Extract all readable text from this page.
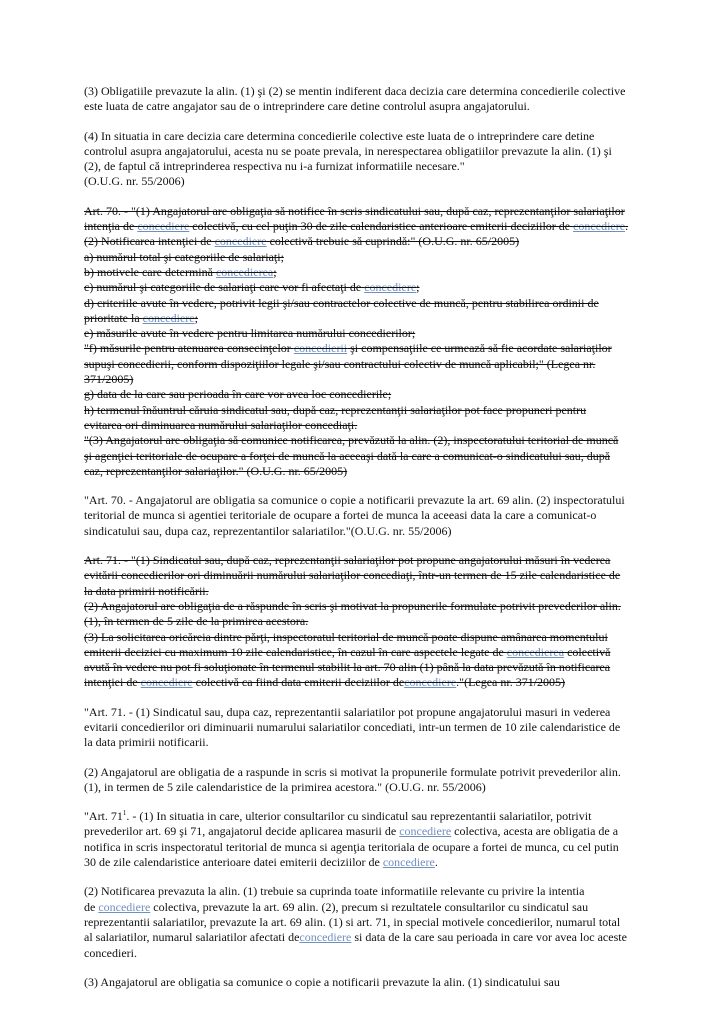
(3) Obligatiile prevazute la alin. (1) şi (2) se mentin indiferent daca decizia care determina concedierile colective
este luata de catre angajator sau de o intreprindere care detine controlul asupra angajatorului.
(4) In situatia in care decizia care determina concedierile colective este luata de o intreprindere care detine
controlul asupra angajatorului, acesta nu se poate prevala, in nerespectarea obligatiilor prevazute la alin. (1) şi
(2), de faptul că intreprinderea respectiva nu i-a furnizat informatiile necesare."
(O.U.G. nr. 55/2006)
Art. 70. - "(1) Angajatorul are obligaţia să notifice în scris sindicatului sau, după caz, reprezentanţilor salariaţilor
intenţia de concediere colectivă, cu cel puţin 30 de zile calendaristice anterioare emiterii deciziilor de concediere.
(2) Notificarea intenţiei de concediere colectivă trebuie să cuprindă:" (O.U.G. nr. 65/2005)
a) numărul total şi categoriile de salariaţi;
b) motivele care determină concedierea;
c) numărul şi categoriile de salariaţi care vor fi afectaţi de concediere;
d) criteriile avute în vedere, potrivit legii şi/sau contractelor colective de muncă, pentru stabilirea ordinii de
prioritate la concediere;
e) măsurile avute în vedere pentru limitarea numărului concedierilor;
"f) măsurile pentru atenuarea consecinţelor concedierii şi compensaţiile ce urmează să fie acordate salariaţilor
supuşi concedierii, conform dispoziţiilor legale şi/sau contractului colectiv de muncă aplicabil;" (Legea nr.
371/2005)
g) data de la care sau perioada în care vor avea loc concedierile;
h) termenul înăuntrul căruia sindicatul sau, după caz, reprezentanţii salariaţilor pot face propuneri pentru
evitarea ori diminuarea numărului salariaţilor concediaţi.
"(3) Angajatorul are obligaţia să comunice notificarea, prevăzută la alin. (2), inspectoratului teritorial de muncă
şi agenţiei teritoriale de ocupare a forţei de muncă la aceeaşi dată la care a comunicat-o sindicatului sau, după
caz, reprezentanţilor salariaţilor." (O.U.G. nr. 65/2005)
"Art. 70. - Angajatorul are obligatia sa comunice o copie a notificarii prevazute la art. 69 alin. (2) inspectoratului
teritorial de munca si agentiei teritoriale de ocupare a fortei de munca la aceeasi data la care a comunicat-o
sindicatului sau, dupa caz, reprezentantilor salariatilor."(O.U.G. nr. 55/2006)
Art. 71. - "(1) Sindicatul sau, după caz, reprezentanţii salariaţilor pot propune angajatorului măsuri în vederea
evitării concedierilor ori diminuării numărului salariaţilor concediaţi, într-un termen de 15 zile calendaristice de
la data primirii notificării.
(2) Angajatorul are obligaţia de a răspunde în scris şi motivat la propunerile formulate potrivit prevederilor alin.
(1), în termen de 5 zile de la primirea acestora.
(3) La solicitarea oricăreia dintre părţi, inspectoratul teritorial de muncă poate dispune amânarea momentului
emiterii deciziei cu maximum 10 zile calendaristice, în cazul în care aspectele legate de concedierea colectivă
avută în vedere nu pot fi soluţionate în termenul stabilit la art. 70 alin (1) până la data prevăzută în notificarea
intenţiei de concediere colectivă ca fiind data emiterii deciziilor deconcediere."(Legea nr. 371/2005)
"Art. 71. - (1) Sindicatul sau, dupa caz, reprezentantii salariatilor pot propune angajatorului masuri in vederea
evitarii concedierilor ori diminuarii numarului salariatilor concediati, intr-un termen de 10 zile calendaristice de
la data primirii notificarii.
(2) Angajatorul are obligatia de a raspunde in scris si motivat la propunerile formulate potrivit prevederilor alin.
(1), in termen de 5 zile calendaristice de la primirea acestora." (O.U.G. nr. 55/2006)
"Art. $71^1$. - (1) In situatia in care, ulterior consultarilor cu sindicatul sau reprezentantii salariatilor, potrivit
prevederilor art. 69 şi 71, angajatorul decide aplicarea masurii de concediere colectiva, acesta are obligatia de a
notifica in scris inspectoratul teritorial de munca si agenţia teritoriala de ocupare a fortei de munca, cu cel putin
30 de zile calendaristice anterioare datei emiterii deciziilor de concediere.
(2) Notificarea prevazuta la alin. (1) trebuie sa cuprinda toate informatiile relevante cu privire la intentia
de concediere colectiva, prevazute la art. 69 alin. (2), precum si rezultatele consultarilor cu sindicatul sau
reprezentantii salariatilor, prevazute la art. 69 alin. (1) si art. 71, in special motivele concedierilor, numarul total
al salariatilor, numarul salariatilor afectati deconcediere si data de la care sau perioada in care vor avea loc aceste
concedieri.
(3) Angajatorul are obligatia sa comunice o copie a notificarii prevazute la alin. (1) sindicatului sau
